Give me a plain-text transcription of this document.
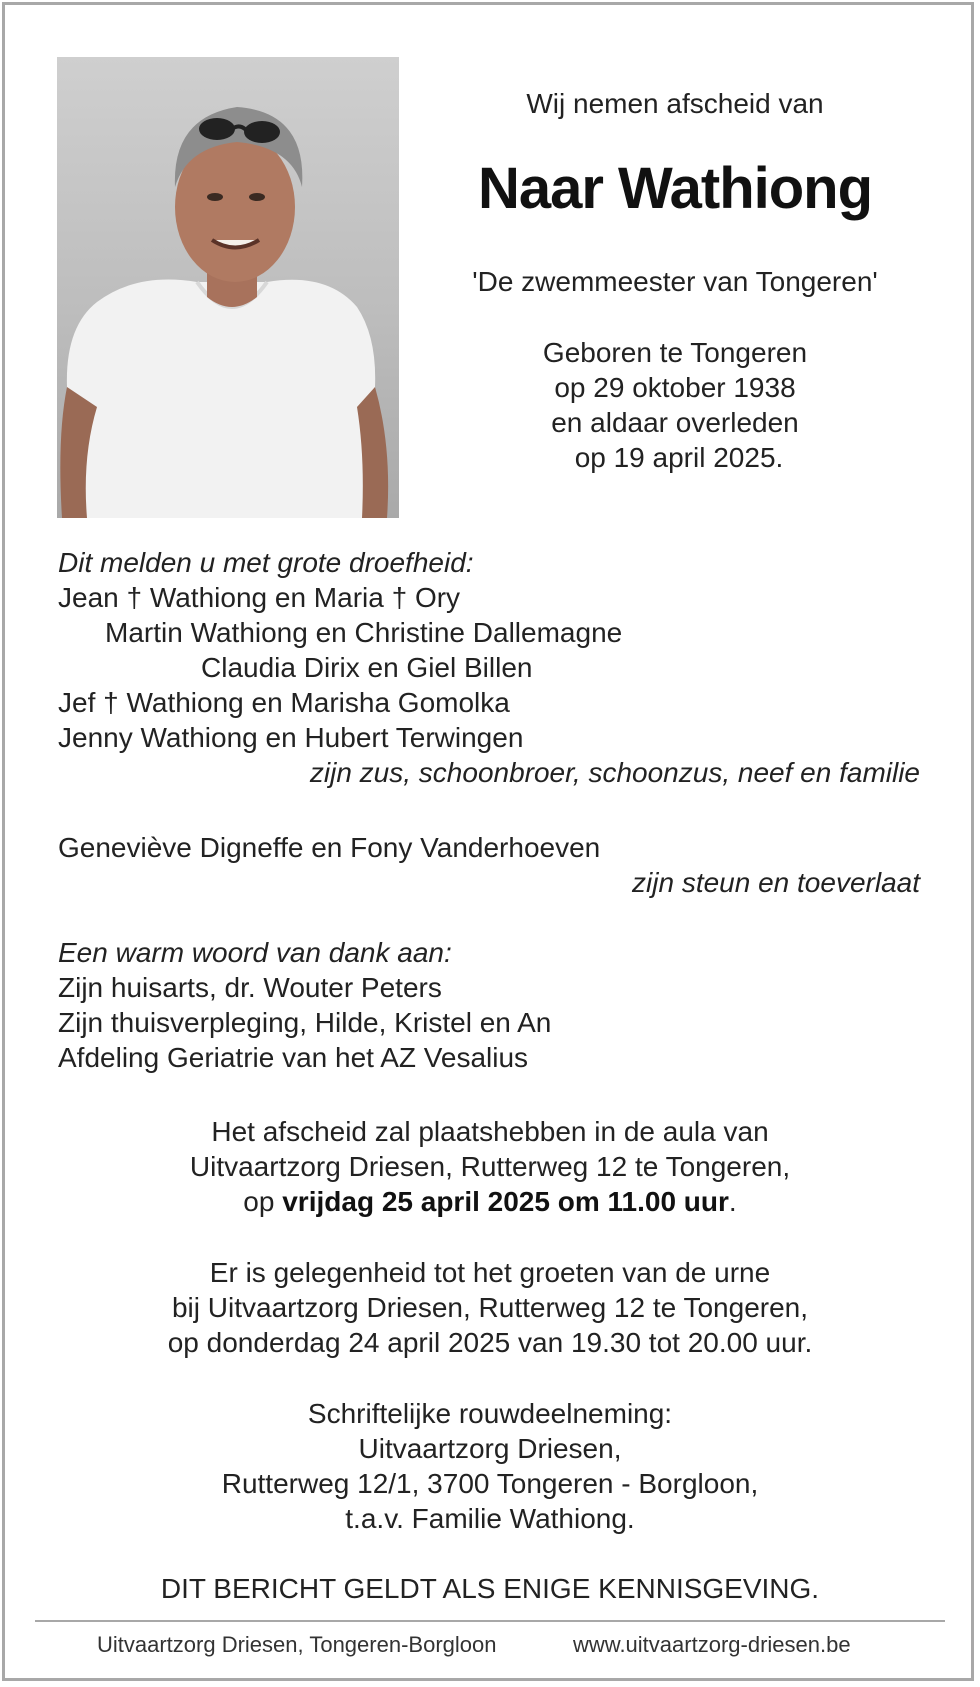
Wij nemen afscheid van
Naar Wathiong
'De zwemmeester van Tongeren'
Geboren te Tongeren
op 29 oktober 1938
en aldaar overleden
op 19 april 2025.
Dit melden u met grote droefheid:
Jean † Wathiong en Maria † Ory
Martin Wathiong en Christine Dallemagne
Claudia Dirix en Giel Billen
Jef † Wathiong en Marisha Gomolka
Jenny Wathiong en Hubert Terwingen
zijn zus, schoonbroer, schoonzus, neef en familie
Geneviève Digneffe en Fony Vanderhoeven
zijn steun en toeverlaat
Een warm woord van dank aan:
Zijn huisarts, dr. Wouter Peters
Zijn thuisverpleging, Hilde, Kristel en An
Afdeling Geriatrie van het AZ Vesalius
Het afscheid zal plaatshebben in de aula van
Uitvaartzorg Driesen, Rutterweg 12 te Tongeren,
op vrijdag 25 april 2025 om 11.00 uur.
Er is gelegenheid tot het groeten van de urne
bij Uitvaartzorg Driesen, Rutterweg 12 te Tongeren,
op donderdag 24 april 2025 van 19.30 tot 20.00 uur.
Schriftelijke rouwdeelneming:
Uitvaartzorg Driesen,
Rutterweg 12/1, 3700 Tongeren - Borgloon,
t.a.v. Familie Wathiong.
DIT BERICHT GELDT ALS ENIGE KENNISGEVING.
Uitvaartzorg Driesen, Tongeren-Borgloon	www.uitvaartzorg-driesen.be
